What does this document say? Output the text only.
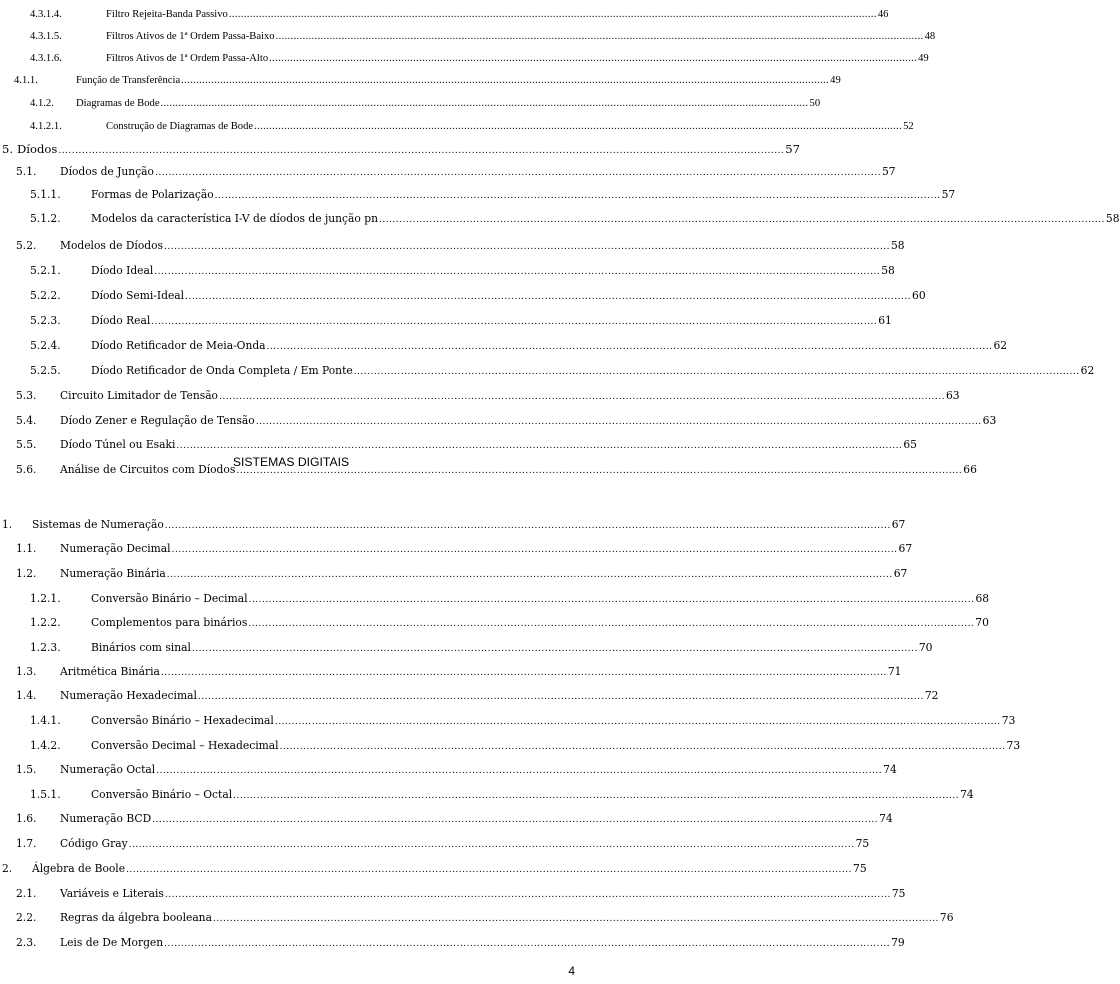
4.3.1.4.	Filtro Rejeita-Banda Passivo .....	46
4.3.1.5.	Filtros Ativos de 1ª Ordem Passa-Baixo .....	48
4.3.1.6.	Filtros Ativos de 1ª Ordem Passa-Alto .....	49
4.1.1.	Função de Transferência .....	49
4.1.2.	Diagramas de Bode .....	50
4.1.2.1.	Construção de Diagramas de Bode .....	52
5. Díodos .....	57
5.1.	Díodos de Junção .....	57
5.1.1.	Formas de Polarização .....	57
5.1.2.	Modelos da característica I-V de díodos de junção pn .....	58
5.2.	Modelos de Díodos .....	58
5.2.1.	Díodo Ideal .....	58
5.2.2.	Díodo Semi-Ideal .....	60
5.2.3.	Díodo Real .....	61
5.2.4.	Díodo Retificador de Meia-Onda .....	62
5.2.5.	Díodo Retificador de Onda Completa / Em Ponte .....	62
5.3.	Circuito Limitador de Tensão .....	63
5.4.	Díodo Zener e Regulação de Tensão .....	63
5.5.	Díodo Túnel ou Esaki .....	65
5.6.	Análise de Circuitos com Díodos .....	66
1.	Sistemas de Numeração .....	67
1.1.	Numeração Decimal .....	67
1.2.	Numeração Binária .....	67
1.2.1.	Conversão Binário – Decimal .....	68
1.2.2.	Complementos para binários .....	70
1.2.3.	Binários com sinal .....	70
1.3.	Aritmética Binária .....	71
1.4.	Numeração Hexadecimal .....	72
1.4.1.	Conversão Binário – Hexadecimal .....	73
1.4.2.	Conversão Decimal – Hexadecimal .....	73
1.5.	Numeração Octal .....	74
1.5.1.	Conversão Binário – Octal .....	74
1.6.	Numeração BCD .....	74
1.7.	Código Gray .....	75
2.	Álgebra de Boole .....	75
2.1.	Variáveis e Literais .....	75
2.2.	Regras da álgebra booleana .....	76
2.3.	Leis de De Morgen .....	79
SISTEMAS DIGITAIS
4
